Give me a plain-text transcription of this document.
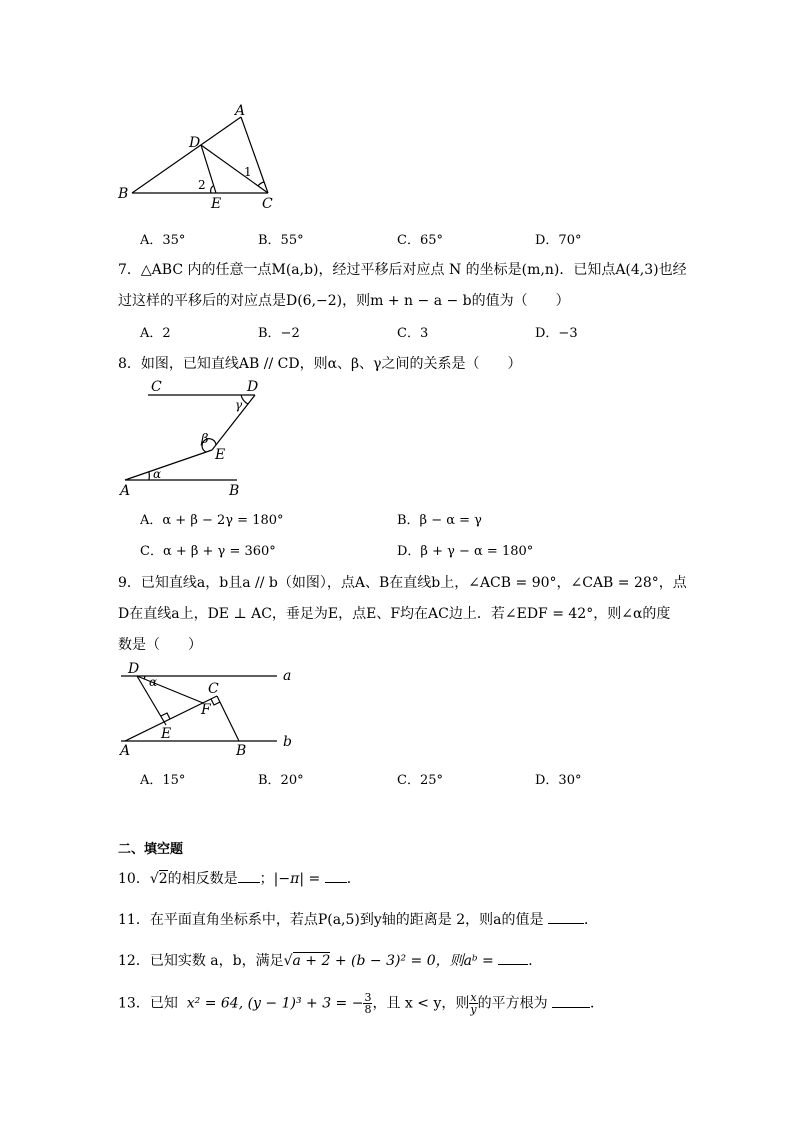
A
D
B
E	C
1
2
A．35°	B．55°	C．65°	D．70°
7．△ABC 内的任意一点M(a,b)，经过平移后对应点 N 的坐标是(m,n)．已知点A(4,3)也经
过这样的平移后的对应点是D(6,−2)，则m + n − a − b的值为（　　）
A．2	B．−2	C．3	D．−3
8．如图，已知直线AB // CD，则α、β、γ之间的关系是（　　）
C	D
γ
β
E
α
A	B
A．α + β − 2γ = 180°	B．β − α = γ
C．α + β + γ = 360°	D．β + γ − α = 180°
9．已知直线a，b且a // b（如图），点A、B在直线b上，∠ACB = 90°，∠CAB = 28°，点
D在直线a上，DE ⊥ AC，垂足为E，点E、F均在AC边上．若∠EDF = 42°，则∠α的度
数是（　　）
D
α	a
C
F
E
A	B
b
A．15°	B．20°	C．25°	D．30°
二、填空题
10．√2的相反数是 ；|−π| = ．
11．在平面直角坐标系中，若点P(a,5)到y轴的距离是 2，则a的值是	．
12．已知实数 a，b，满足√a + 2 + (b − 3)² = 0，则aᵇ = ．
13．已知 x² = 64, (y − 1)³ + 3 = − $\frac{3}{8}$ ，且 x < y，则 $\frac{x}{y}$ 的平方根为	．
